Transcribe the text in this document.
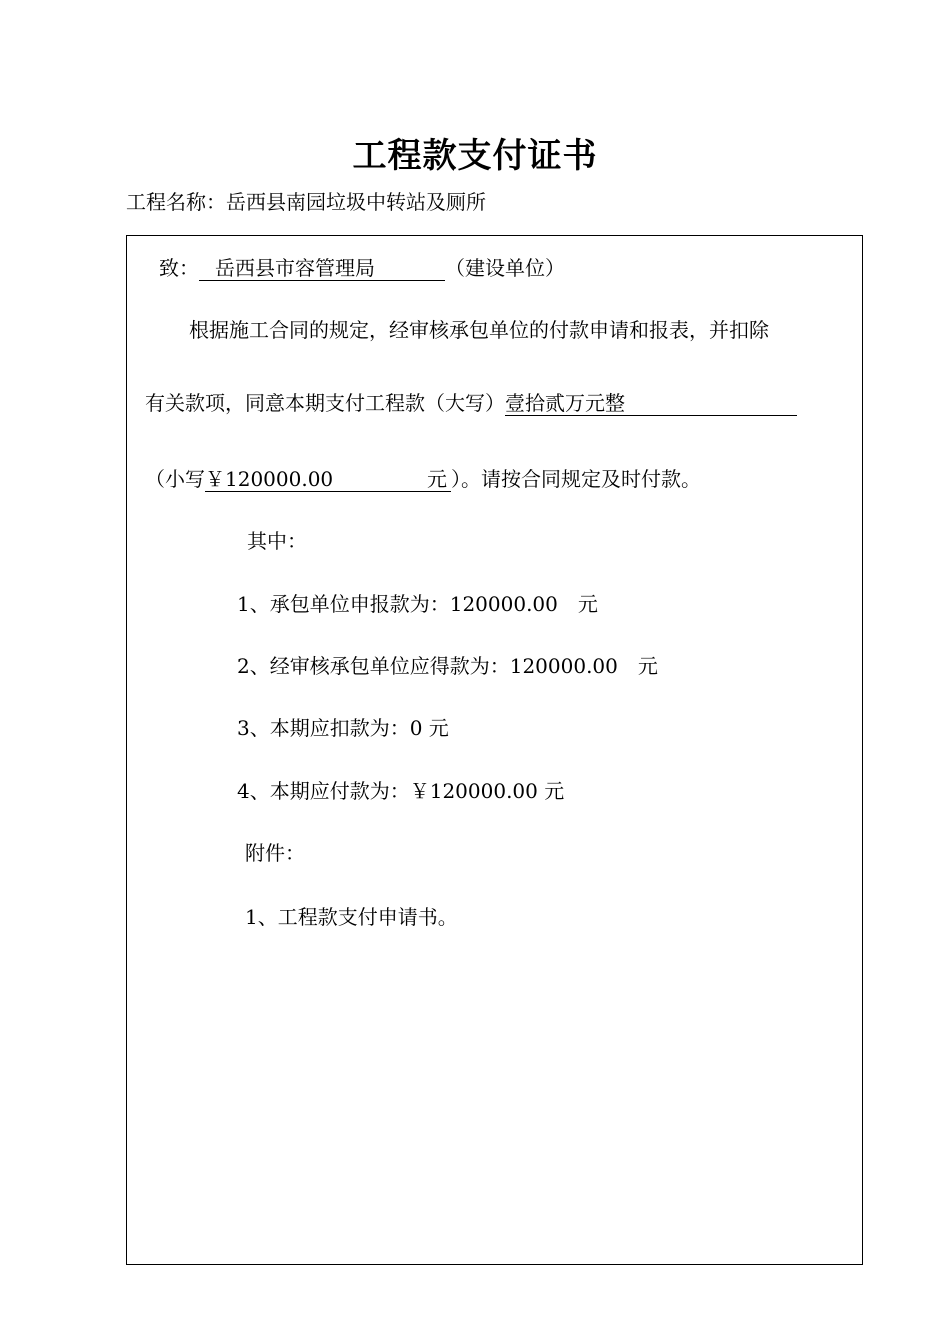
工程款支付证书
工程名称：岳西县南园垃圾中转站及厕所
致： 岳西县市容管理局	（建设单位）
根据施工合同的规定，经审核承包单位的付款申请和报表，并扣除
有关款项，同意本期支付工程款（大写）壹拾贰万元整
（小写￥120000.00	元 ）。请按合同规定及时付款。
其中：
1、承包单位申报款为：120000.00　元
2、经审核承包单位应得款为：120000.00　元
3、本期应扣款为：0 元
4、本期应付款为：￥120000.00 元
附件：
1、工程款支付申请书。
